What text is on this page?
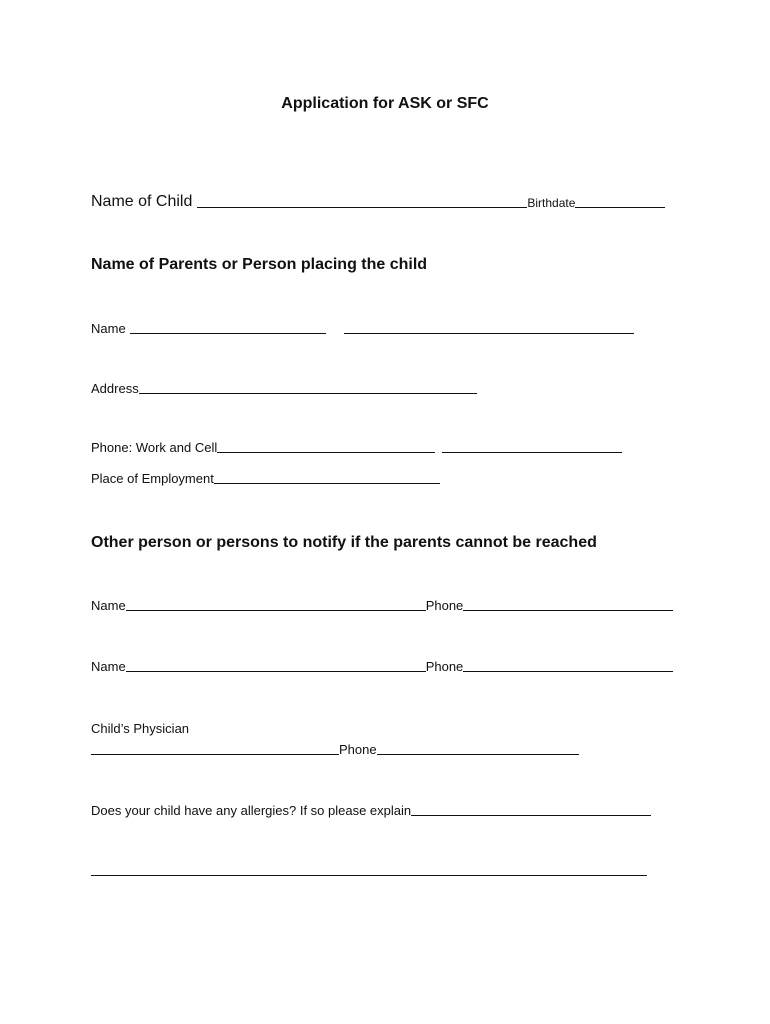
Application for ASK or SFC
Name of Child	Birthdate
Name of Parents or Person placing the child
Name
Address
Phone: Work and Cell
Place of Employment
Other person or persons to notify if the parents cannot be reached
Name	Phone
Name	Phone
Child’s Physician
Phone
Does your child have any allergies? If so please explain
